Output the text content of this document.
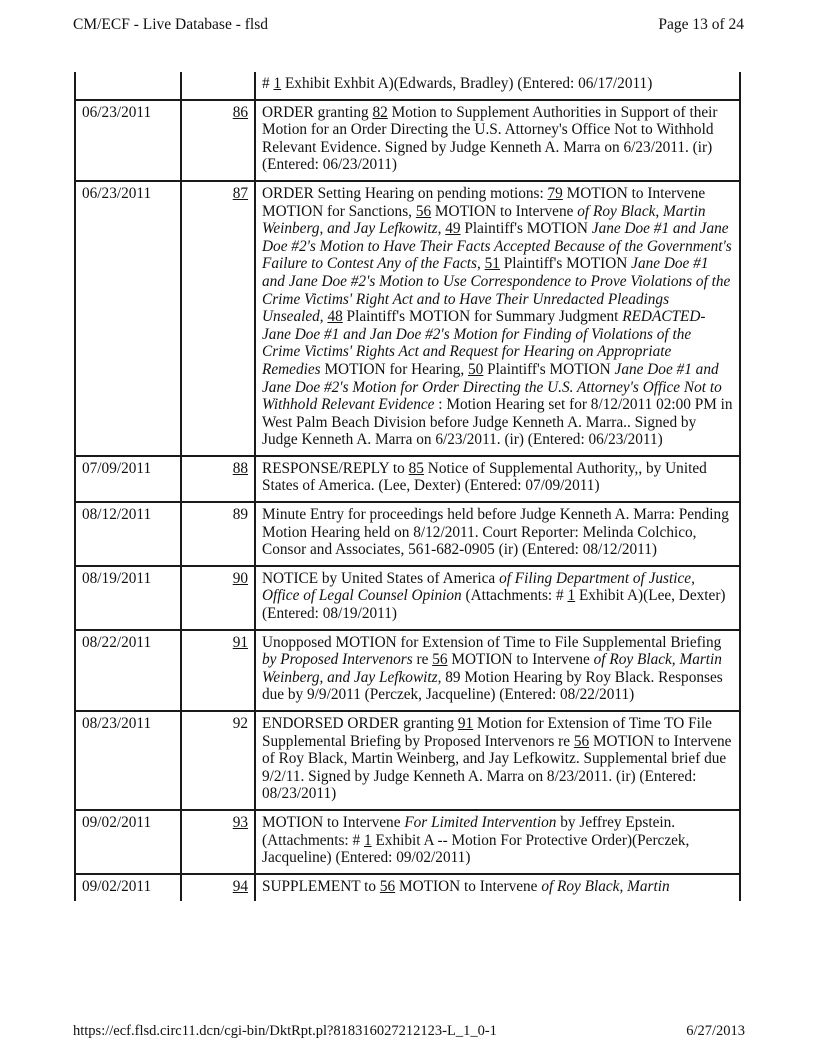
CM/ECF - Live Database - flsd	Page 13 of 24
		# 1 Exhibit Exhbit A)(Edwards, Bradley) (Entered: 06/17/2011)
06/23/2011	86	ORDER granting 82 Motion to Supplement Authorities in Support of their Motion for an Order Directing the U.S. Attorney's Office Not to Withhold Relevant Evidence. Signed by Judge Kenneth A. Marra on 6/23/2011. (ir) (Entered: 06/23/2011)
06/23/2011	87	ORDER Setting Hearing on pending motions: 79 MOTION to Intervene MOTION for Sanctions, 56 MOTION to Intervene of Roy Black, Martin Weinberg, and Jay Lefkowitz, 49 Plaintiff's MOTION Jane Doe #1 and Jane Doe #2's Motion to Have Their Facts Accepted Because of the Government's Failure to Contest Any of the Facts, 51 Plaintiff's MOTION Jane Doe #1 and Jane Doe #2's Motion to Use Correspondence to Prove Violations of the Crime Victims' Right Act and to Have Their Unredacted Pleadings Unsealed, 48 Plaintiff's MOTION for Summary Judgment REDACTED- Jane Doe #1 and Jan Doe #2's Motion for Finding of Violations of the Crime Victims' Rights Act and Request for Hearing on Appropriate Remedies MOTION for Hearing, 50 Plaintiff's MOTION Jane Doe #1 and Jane Doe #2's Motion for Order Directing the U.S. Attorney's Office Not to Withhold Relevant Evidence : Motion Hearing set for 8/12/2011 02:00 PM in West Palm Beach Division before Judge Kenneth A. Marra.. Signed by Judge Kenneth A. Marra on 6/23/2011. (ir) (Entered: 06/23/2011)
07/09/2011	88	RESPONSE/REPLY to 85 Notice of Supplemental Authority,, by United States of America. (Lee, Dexter) (Entered: 07/09/2011)
08/12/2011	89	Minute Entry for proceedings held before Judge Kenneth A. Marra: Pending Motion Hearing held on 8/12/2011. Court Reporter: Melinda Colchico, Consor and Associates, 561-682-0905 (ir) (Entered: 08/12/2011)
08/19/2011	90	NOTICE by United States of America of Filing Department of Justice, Office of Legal Counsel Opinion (Attachments: # 1 Exhibit A)(Lee, Dexter) (Entered: 08/19/2011)
08/22/2011	91	Unopposed MOTION for Extension of Time to File Supplemental Briefing by Proposed Intervenors re 56 MOTION to Intervene of Roy Black, Martin Weinberg, and Jay Lefkowitz, 89 Motion Hearing by Roy Black. Responses due by 9/9/2011 (Perczek, Jacqueline) (Entered: 08/22/2011)
08/23/2011	92	ENDORSED ORDER granting 91 Motion for Extension of Time TO File Supplemental Briefing by Proposed Intervenors re 56 MOTION to Intervene of Roy Black, Martin Weinberg, and Jay Lefkowitz. Supplemental brief due 9/2/11. Signed by Judge Kenneth A. Marra on 8/23/2011. (ir) (Entered: 08/23/2011)
09/02/2011	93	MOTION to Intervene For Limited Intervention by Jeffrey Epstein. (Attachments: # 1 Exhibit A -- Motion For Protective Order)(Perczek, Jacqueline) (Entered: 09/02/2011)
09/02/2011	94	SUPPLEMENT to 56 MOTION to Intervene of Roy Black, Martin
https://ecf.flsd.circ11.dcn/cgi-bin/DktRpt.pl?818316027212123-L_1_0-1	6/27/2013
